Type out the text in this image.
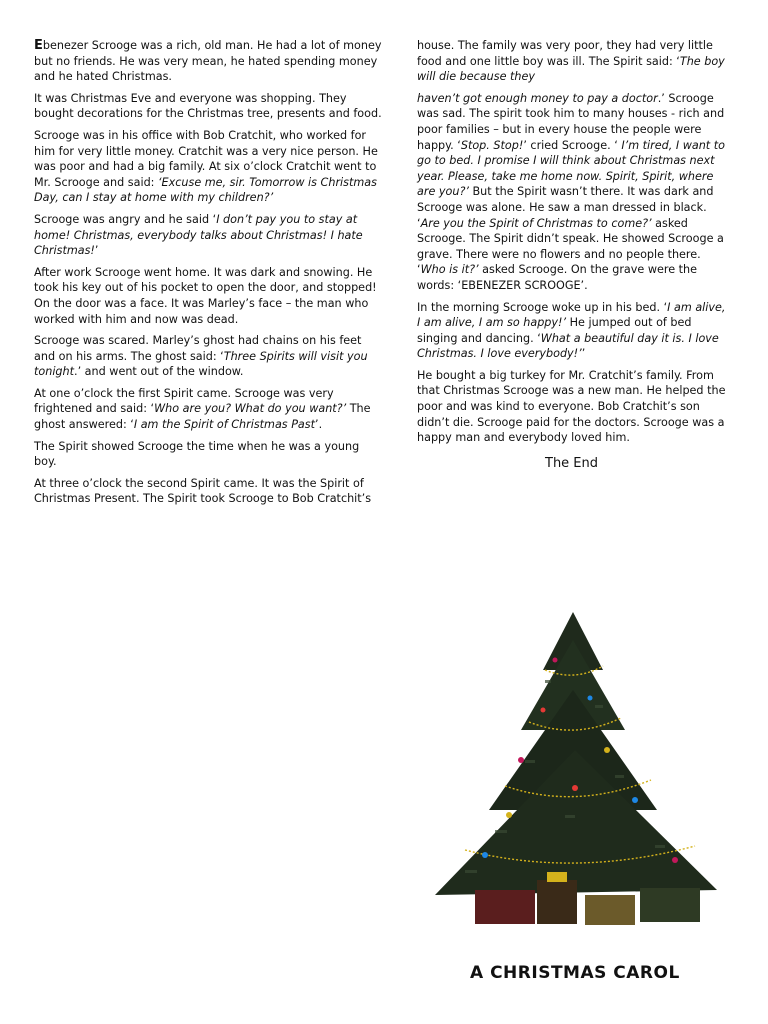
Ebenezer Scrooge was a rich, old man. He had a lot of money but no friends. He was very mean, he hated spending money and he hated Christmas.

It was Christmas Eve and everyone was shopping. They bought decorations for the Christmas tree, presents and food.

Scrooge was in his office with Bob Cratchit, who worked for him for very little money. Cratchit was a very nice person. He was poor and had a big family. At six o’clock Cratchit went to Mr. Scrooge and said: ‘Excuse me, sir. Tomorrow is Christmas Day, can I stay at home with my children?’

Scrooge was angry and he said ‘I don’t pay you to stay at home! Christmas, everybody talks about Christmas! I hate Christmas!’

After work Scrooge went home. It was dark and snowing. He took his key out of his pocket to open the door, and stopped! On the door was a face. It was Marley’s face – the man who worked with him and now was dead.

Scrooge was scared. Marley’s ghost had chains on his feet and on his arms. The ghost said: ‘Three Spirits will visit you tonight.’ and went out of the window.

At one o’clock the first Spirit came. Scrooge was very frightened and said: ‘Who are you? What do you want?’ The ghost answered: ‘I am the Spirit of Christmas Past’.

The Spirit showed Scrooge the time when he was a young boy.

At three o’clock the second Spirit came. It was the Spirit of Christmas Present. The Spirit took Scrooge to Bob Cratchit’s

house. The family was very poor, they had very little food and one little boy was ill. The Spirit said: ‘The boy will die because they

haven’t got enough money to pay a doctor.’ Scrooge was sad. The spirit took him to many houses - rich and poor families – but in every house the people were happy. ‘Stop. Stop!’ cried Scrooge. ‘ I’m tired, I want to go to bed. I promise I will think about Christmas next year. Please, take me home now. Spirit, Spirit, where are you?’ But the Spirit wasn’t there. It was dark and Scrooge was alone. He saw a man dressed in black. ‘Are you the Spirit of Christmas to come?’ asked Scrooge. The Spirit didn’t speak. He showed Scrooge a grave. There were no flowers and no people there. ‘Who is it?’ asked Scrooge. On the grave were the words: ‘EBENEZER SCROOGE’.

In the morning Scrooge woke up in his bed. ‘I am alive, I am alive, I am so happy!’ He jumped out of bed singing and dancing. ‘What a beautiful day it is. I love Christmas. I love everybody!’’

He bought a big turkey for Mr. Cratchit’s family. From that Christmas Scrooge was a new man. He helped the poor and was kind to everyone. Bob Cratchit’s son didn’t die. Scrooge paid for the doctors. Scrooge was a happy man and everybody loved him.

The End
A CHRISTMAS CAROL
